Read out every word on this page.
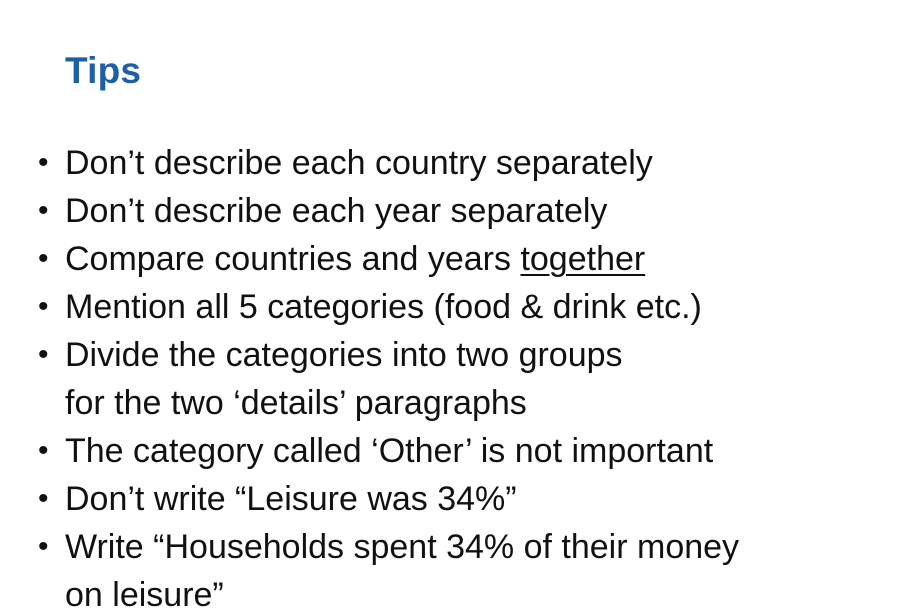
Tips
• Don’t describe each country separately
• Don’t describe each year separately
• Compare countries and years together
• Mention all 5 categories (food & drink etc.)
• Divide the categories into two groups
for the two ‘details’ paragraphs
• The category called ‘Other’ is not important
• Don’t write “Leisure was 34%”
• Write “Households spent 34% of their money
on leisure”
